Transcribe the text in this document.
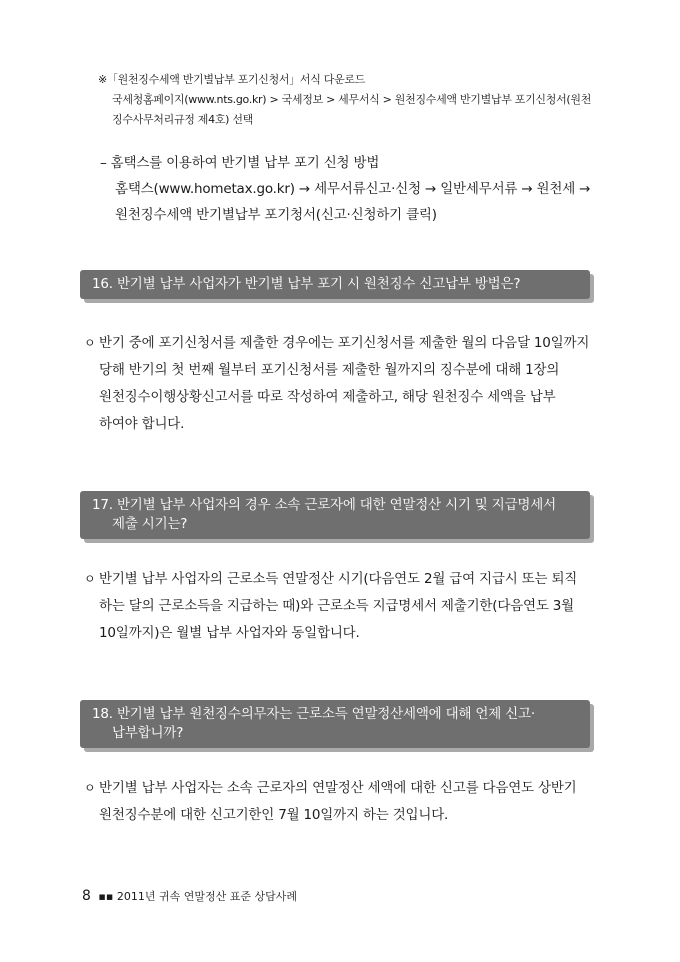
※「원천징수세액 반기별납부 포기신청서」서식 다운로드
국세청홈페이지(www.nts.go.kr) > 국세정보 > 세무서식 > 원천징수세액 반기별납부 포기신청서(원천
징수사무처리규정 제4호) 선택
– 홈택스를 이용하여 반기별 납부 포기 신청 방법
홈택스(www.hometax.go.kr) → 세무서류신고·신청 → 일반세무서류 → 원천세 →
원천징수세액 반기별납부 포기청서(신고·신청하기 클릭)
16. 반기별 납부 사업자가 반기별 납부 포기 시 원천징수 신고납부 방법은?
ㅇ 반기 중에 포기신청서를 제출한 경우에는 포기신청서를 제출한 월의 다음달 10일까지
당해 반기의 첫 번째 월부터 포기신청서를 제출한 월까지의 징수분에 대해 1장의
원천징수이행상황신고서를 따로 작성하여 제출하고, 해당 원천징수 세액을 납부
하여야 합니다.
17. 반기별 납부 사업자의 경우 소속 근로자에 대한 연말정산 시기 및 지급명세서
제출 시기는?
ㅇ 반기별 납부 사업자의 근로소득 연말정산 시기(다음연도 2월 급여 지급시 또는 퇴직
하는 달의 근로소득을 지급하는 때)와 근로소득 지급명세서 제출기한(다음연도 3월
10일까지)은 월별 납부 사업자와 동일합니다.
18. 반기별 납부 원천징수의무자는 근로소득 연말정산세액에 대해 언제 신고·
납부합니까?
ㅇ 반기별 납부 사업자는 소속 근로자의 연말정산 세액에 대한 신고를 다음연도 상반기
원천징수분에 대한 신고기한인 7월 10일까지 하는 것입니다.
8 ▪▪ 2011년 귀속 연말정산 표준 상담사례
